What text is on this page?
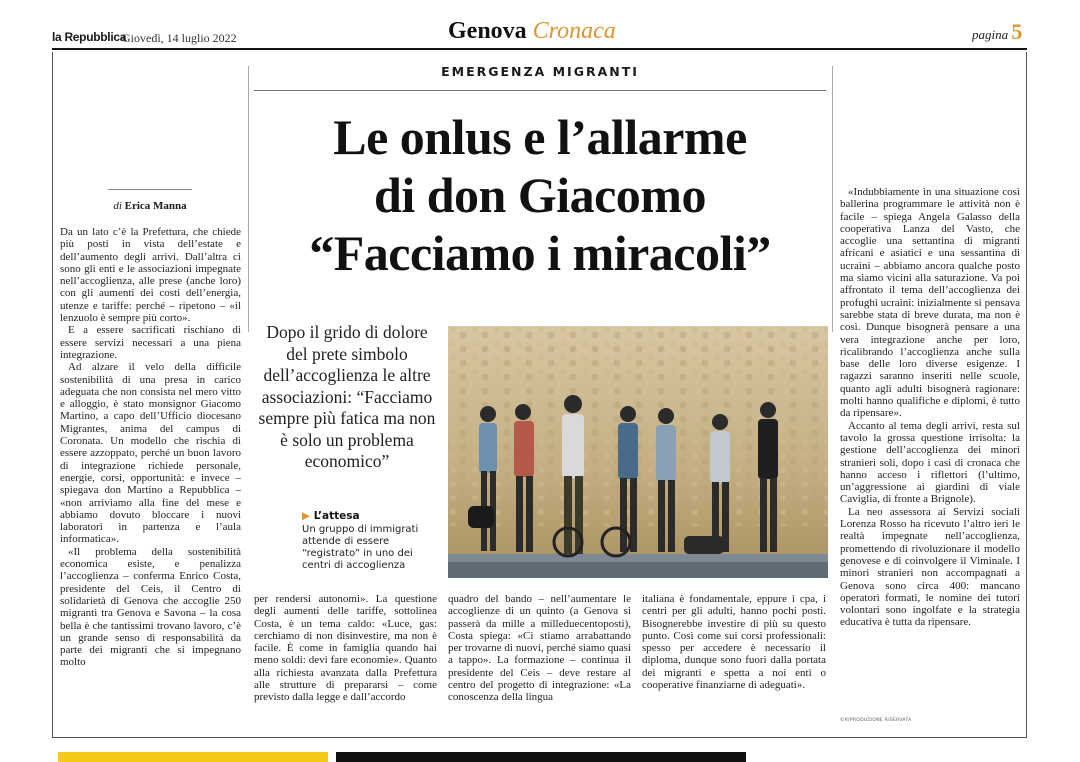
la Repubblica
Giovedì, 14 luglio 2022	Genova Cronaca	pagina 5
EMERGENZA MIGRANTI
Le onlus e l’allarme
di don Giacomo
“Facciamo i miracoli”
di Erica Manna

Da un lato c’è la Prefettura, che chiede più posti in vista dell’estate e dell’aumento degli arrivi. Dall’altra ci sono gli enti e le associazioni impegnate nell’accoglienza, alle prese (anche loro) con gli aumenti dei costi dell’energia, utenze e tariffe: perché – ripetono – «il lenzuolo è sempre più corto».

E a essere sacrificati rischiano di essere servizi necessari a una piena integrazione.

Ad alzare il velo della difficile sostenibilità di una presa in carico adeguata che non consista nel mero vitto e alloggio, è stato monsignor Giacomo Martino, a capo dell’Ufficio diocesano Migrantes, anima del campus di Coronata. Un modello che rischia di essere azzoppato, perché un buon lavoro di integrazione richiede personale, energie, corsi, opportunità: e invece – spiegava don Martino a Repubblica – «non arriviamo alla fine del mese e abbiamo dovuto bloccare i nuovi laboratori in partenza e l’aula informatica».

«Il problema della sostenibilità economica esiste, e penalizza l’accoglienza – conferma Enrico Costa, presidente del Ceis, il Centro di solidarietà di Genova che accoglie 250 migranti tra Genova e Savona – la cosa bella è che tantissimi trovano lavoro, c’è un grande senso di responsabilità da parte dei migranti che si impegnano molto

Dopo il grido di dolore del prete simbolo dell’accoglienza le altre associazioni: “Facciamo sempre più fatica ma non è solo un problema economico”
▶ L’attesa
Un gruppo di immigrati attende di essere “registrato” in uno dei centri di accoglienza

per rendersi autonomi». La questione degli aumenti delle tariffe, sottolinea Costa, è un tema caldo: «Luce, gas: cerchiamo di non disinvestire, ma non è facile. È come in famiglia quando hai meno soldi: devi fare economie». Quanto alla richiesta avanzata dalla Prefettura alle strutture di prepararsi – come previsto dalla legge e dall’accordo

quadro del bando – nell’aumentare le accoglienze di un quinto (a Genova si passerà da mille a milleduecentoposti), Costa spiega: «Ci stiamo arrabattando per trovarne di nuovi, perché siamo quasi a tappo». La formazione – continua il presidente del Ceis – deve restare al centro del progetto di integrazione: «La conoscenza della lingua

italiana è fondamentale, eppure i cpa, i centri per gli adulti, hanno pochi posti. Bisognerebbe investire di più su questo punto. Così come sui corsi professionali: spesso per accedere è necessario il diploma, dunque sono fuori dalla portata dei migranti e spetta a noi enti o cooperative finanziarne di adeguati».

«Indubbiamente in una situazione così ballerina programmare le attività non è facile – spiega Angela Galasso della cooperativa Lanza del Vasto, che accoglie una settantina di migranti africani e asiatici e una sessantina di ucraini – abbiamo ancora qualche posto ma siamo vicini alla saturazione. Va poi affrontato il tema dell’accoglienza dei profughi ucraini: inizialmente si pensava sarebbe stata di breve durata, ma non è così. Dunque bisognerà pensare a una vera integrazione anche per loro, ricalibrando l’accoglienza anche sulla base delle loro diverse esigenze. I ragazzi saranno inseriti nelle scuole, quanto agli adulti bisognerà ragionare: molti hanno qualifiche e diplomi, è tutto da ripensare».

Accanto al tema degli arrivi, resta sul tavolo la grossa questione irrisolta: la gestione dell’accoglienza dei minori stranieri soli, dopo i casi di cronaca che hanno acceso i riflettori (l’ultimo, un’aggressione ai giardini di viale Caviglia, di fronte a Brignole).

La neo assessora ai Servizi sociali Lorenza Rosso ha ricevuto l’altro ieri le realtà impegnate nell’accoglienza, promettendo di rivoluzionare il modello genovese e di coinvolgere il Viminale. I minori stranieri non accompagnati a Genova sono circa 400: mancano operatori formati, le nomine dei tutori volontari sono ingolfate e la strategia educativa è tutta da ripensare.

©RIPRODUZIONE RISERVATA
